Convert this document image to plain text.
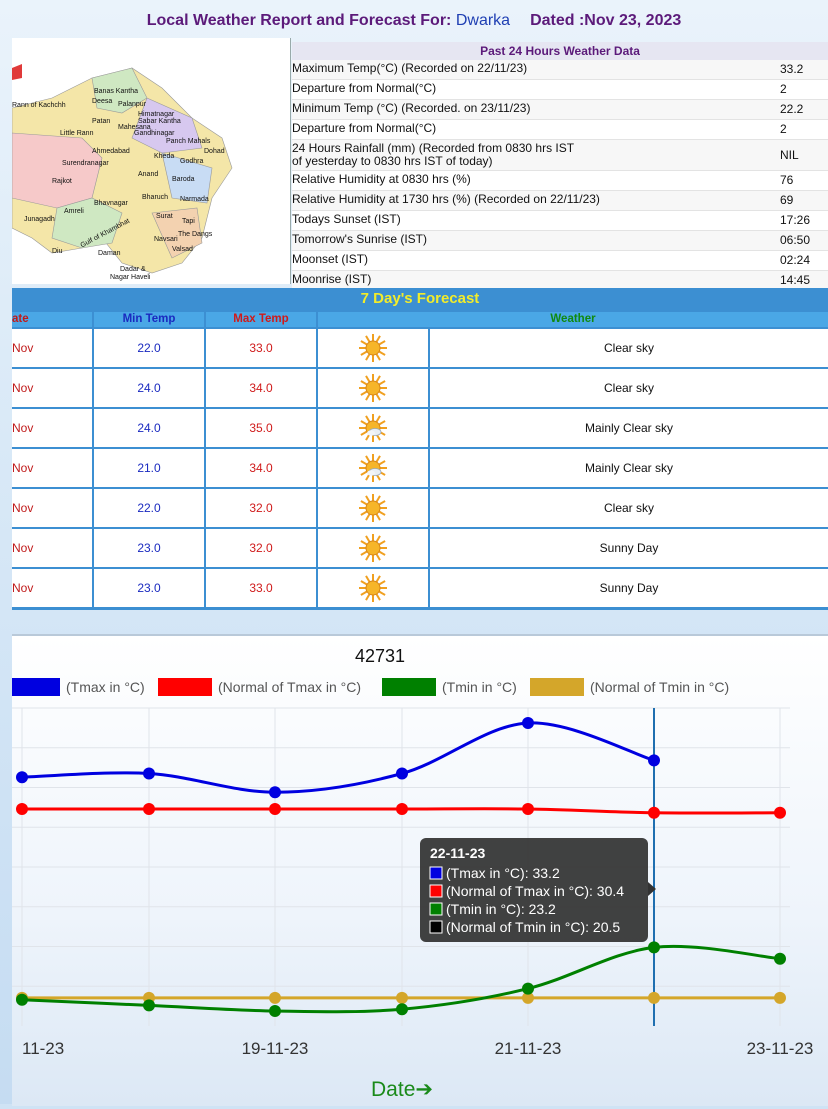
Local Weather Report and Forecast For: Dwarka Dated :Nov 23, 2023
Banas Kantha
Deesa Palanpur
Rann of Kachchh
Himatnagar
Sabar Kantha
Patan
Mahesana
Little Rann	Gandhinagar
Panch Mahals
Dohad
Ahmedabad
Kheda
Godhra
Surendranagar
Anand
Rajkot	Baroda
Bharuch Narmada
Bhavnagar
Amreli
Junagadh	Surat
Tapi
Gulf of Khambhat	Navsari
The Dangs
Valsad
Diu	Daman
Dadar &
Nagar Haveli
Past 24 Hours Weather Data
Maximum Temp(°C) (Recorded on 22/11/23)	33.2
Departure from Normal(°C)	2
Minimum Temp (°C) (Recorded. on 23/11/23)	22.2
Departure from Normal(°C)	2
24 Hours Rainfall (mm) (Recorded from 0830 hrs IST
of yesterday to 0830 hrs IST of today)	NIL
Relative Humidity at 0830 hrs (%)	76
Relative Humidity at 1730 hrs (%) (Recorded on 22/11/23)	69
Todays Sunset (IST)	17:26
Tomorrow's Sunrise (IST)	06:50
Moonset (IST)	02:24
Moonrise (IST)	14:45
7 Day's Forecast
ate	Min Temp	Max Temp	Weather
Nov	22.0	33.0	Clear sky
Nov	24.0	34.0	Clear sky
Nov	24.0	35.0	Mainly Clear sky
Nov	21.0	34.0	Mainly Clear sky
Nov	22.0	32.0	Clear sky
Nov	23.0	32.0	Sunny Day
Nov	23.0	33.0	Sunny Day
42731
(Tmax in °C)	(Normal of Tmax in °C)	(Tmin in °C)	(Normal of Tmin in °C)
11-23	19-11-23	21-11-23	23-11-23
Date➔
22-11-23
(Tmax in °C): 33.2
(Normal of Tmax in °C): 30.4
(Tmin in °C): 23.2
(Normal of Tmin in °C): 20.5
